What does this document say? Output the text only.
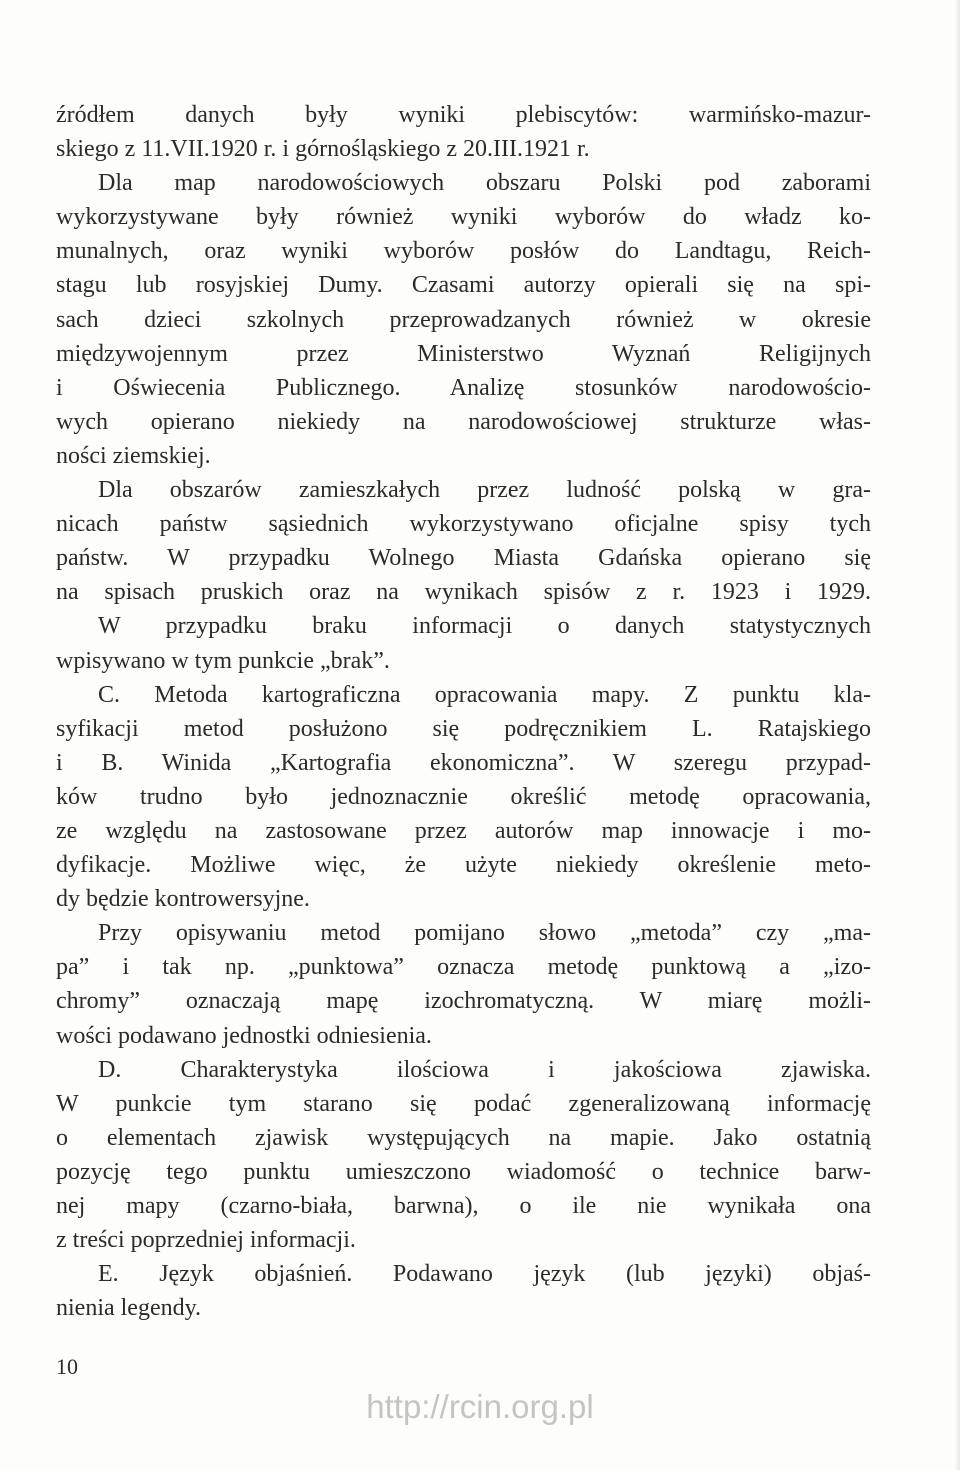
źródłem danych były wyniki plebiscytów: warmińsko-mazur-
skiego z 11.VII.1920 r. i górnośląskiego z 20.III.1921 r.
Dla map narodowościowych obszaru Polski pod zaborami
wykorzystywane były również wyniki wyborów do władz ko-
munalnych, oraz wyniki wyborów posłów do Landtagu, Reich-
stagu lub rosyjskiej Dumy. Czasami autorzy opierali się na spi-
sach dzieci szkolnych przeprowadzanych również w okresie
międzywojennym przez Ministerstwo Wyznań Religijnych
i Oświecenia Publicznego. Analizę stosunków narodowościo-
wych opierano niekiedy na narodowościowej strukturze włas-
ności ziemskiej.
Dla obszarów zamieszkałych przez ludność polską w gra-
nicach państw sąsiednich wykorzystywano oficjalne spisy tych
państw. W przypadku Wolnego Miasta Gdańska opierano się
na spisach pruskich oraz na wynikach spisów z r. 1923 i 1929.
W przypadku braku informacji o danych statystycznych
wpisywano w tym punkcie „brak”.
C. Metoda kartograficzna opracowania mapy. Z punktu kla-
syfikacji metod posłużono się podręcznikiem L. Ratajskiego
i B. Winida „Kartografia ekonomiczna”. W szeregu przypad-
ków trudno było jednoznacznie określić metodę opracowania,
ze względu na zastosowane przez autorów map innowacje i mo-
dyfikacje. Możliwe więc, że użyte niekiedy określenie meto-
dy będzie kontrowersyjne.
Przy opisywaniu metod pomijano słowo „metoda” czy „ma-
pa” i tak np. „punktowa” oznacza metodę punktową a „izo-
chromy” oznaczają mapę izochromatyczną. W miarę możli-
wości podawano jednostki odniesienia.
D. Charakterystyka ilościowa i jakościowa zjawiska.
W punkcie tym starano się podać zgeneralizowaną informację
o elementach zjawisk występujących na mapie. Jako ostatnią
pozycję tego punktu umieszczono wiadomość o technice barw-
nej mapy (czarno-biała, barwna), o ile nie wynikała ona
z treści poprzedniej informacji.
E. Język objaśnień. Podawano język (lub języki) objaś-
nienia legendy.
10
http://rcin.org.pl
